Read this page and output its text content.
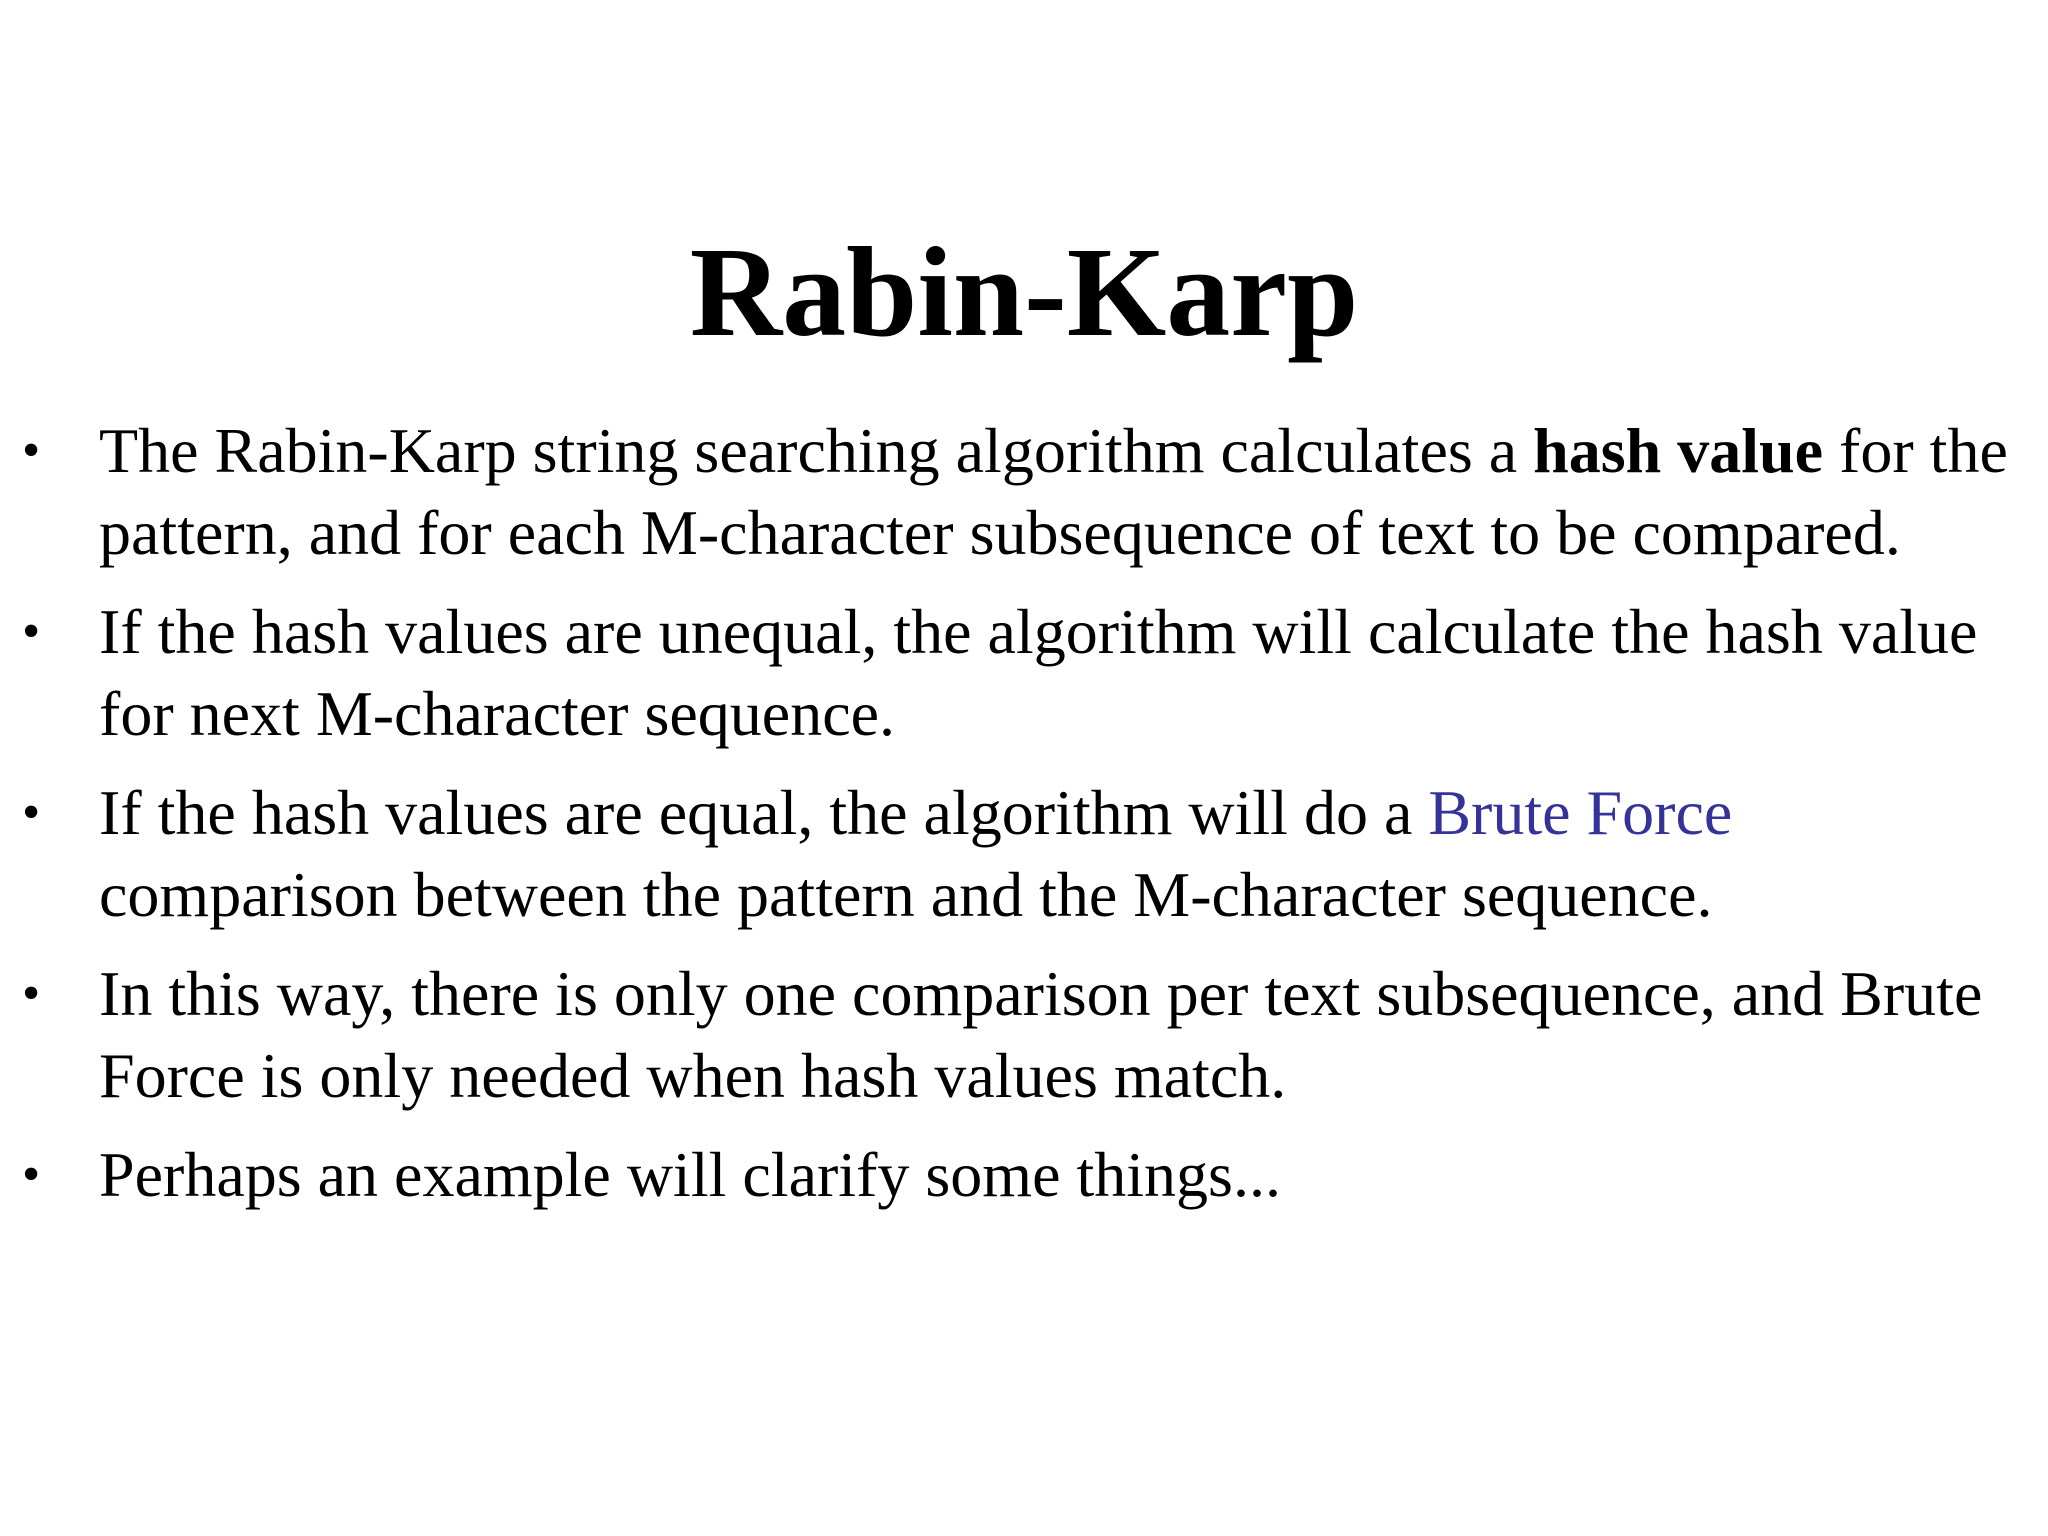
Rabin-Karp
• The Rabin-Karp string searching algorithm calculates a hash value for the pattern, and for each M-character subsequence of text to be compared.
• If the hash values are unequal, the algorithm will calculate the hash value for next M-character sequence.
• If the hash values are equal, the algorithm will do a Brute Force comparison between the pattern and the M-character sequence.
• In this way, there is only one comparison per text subsequence, and Brute Force is only needed when hash values match.
• Perhaps an example will clarify some things...
